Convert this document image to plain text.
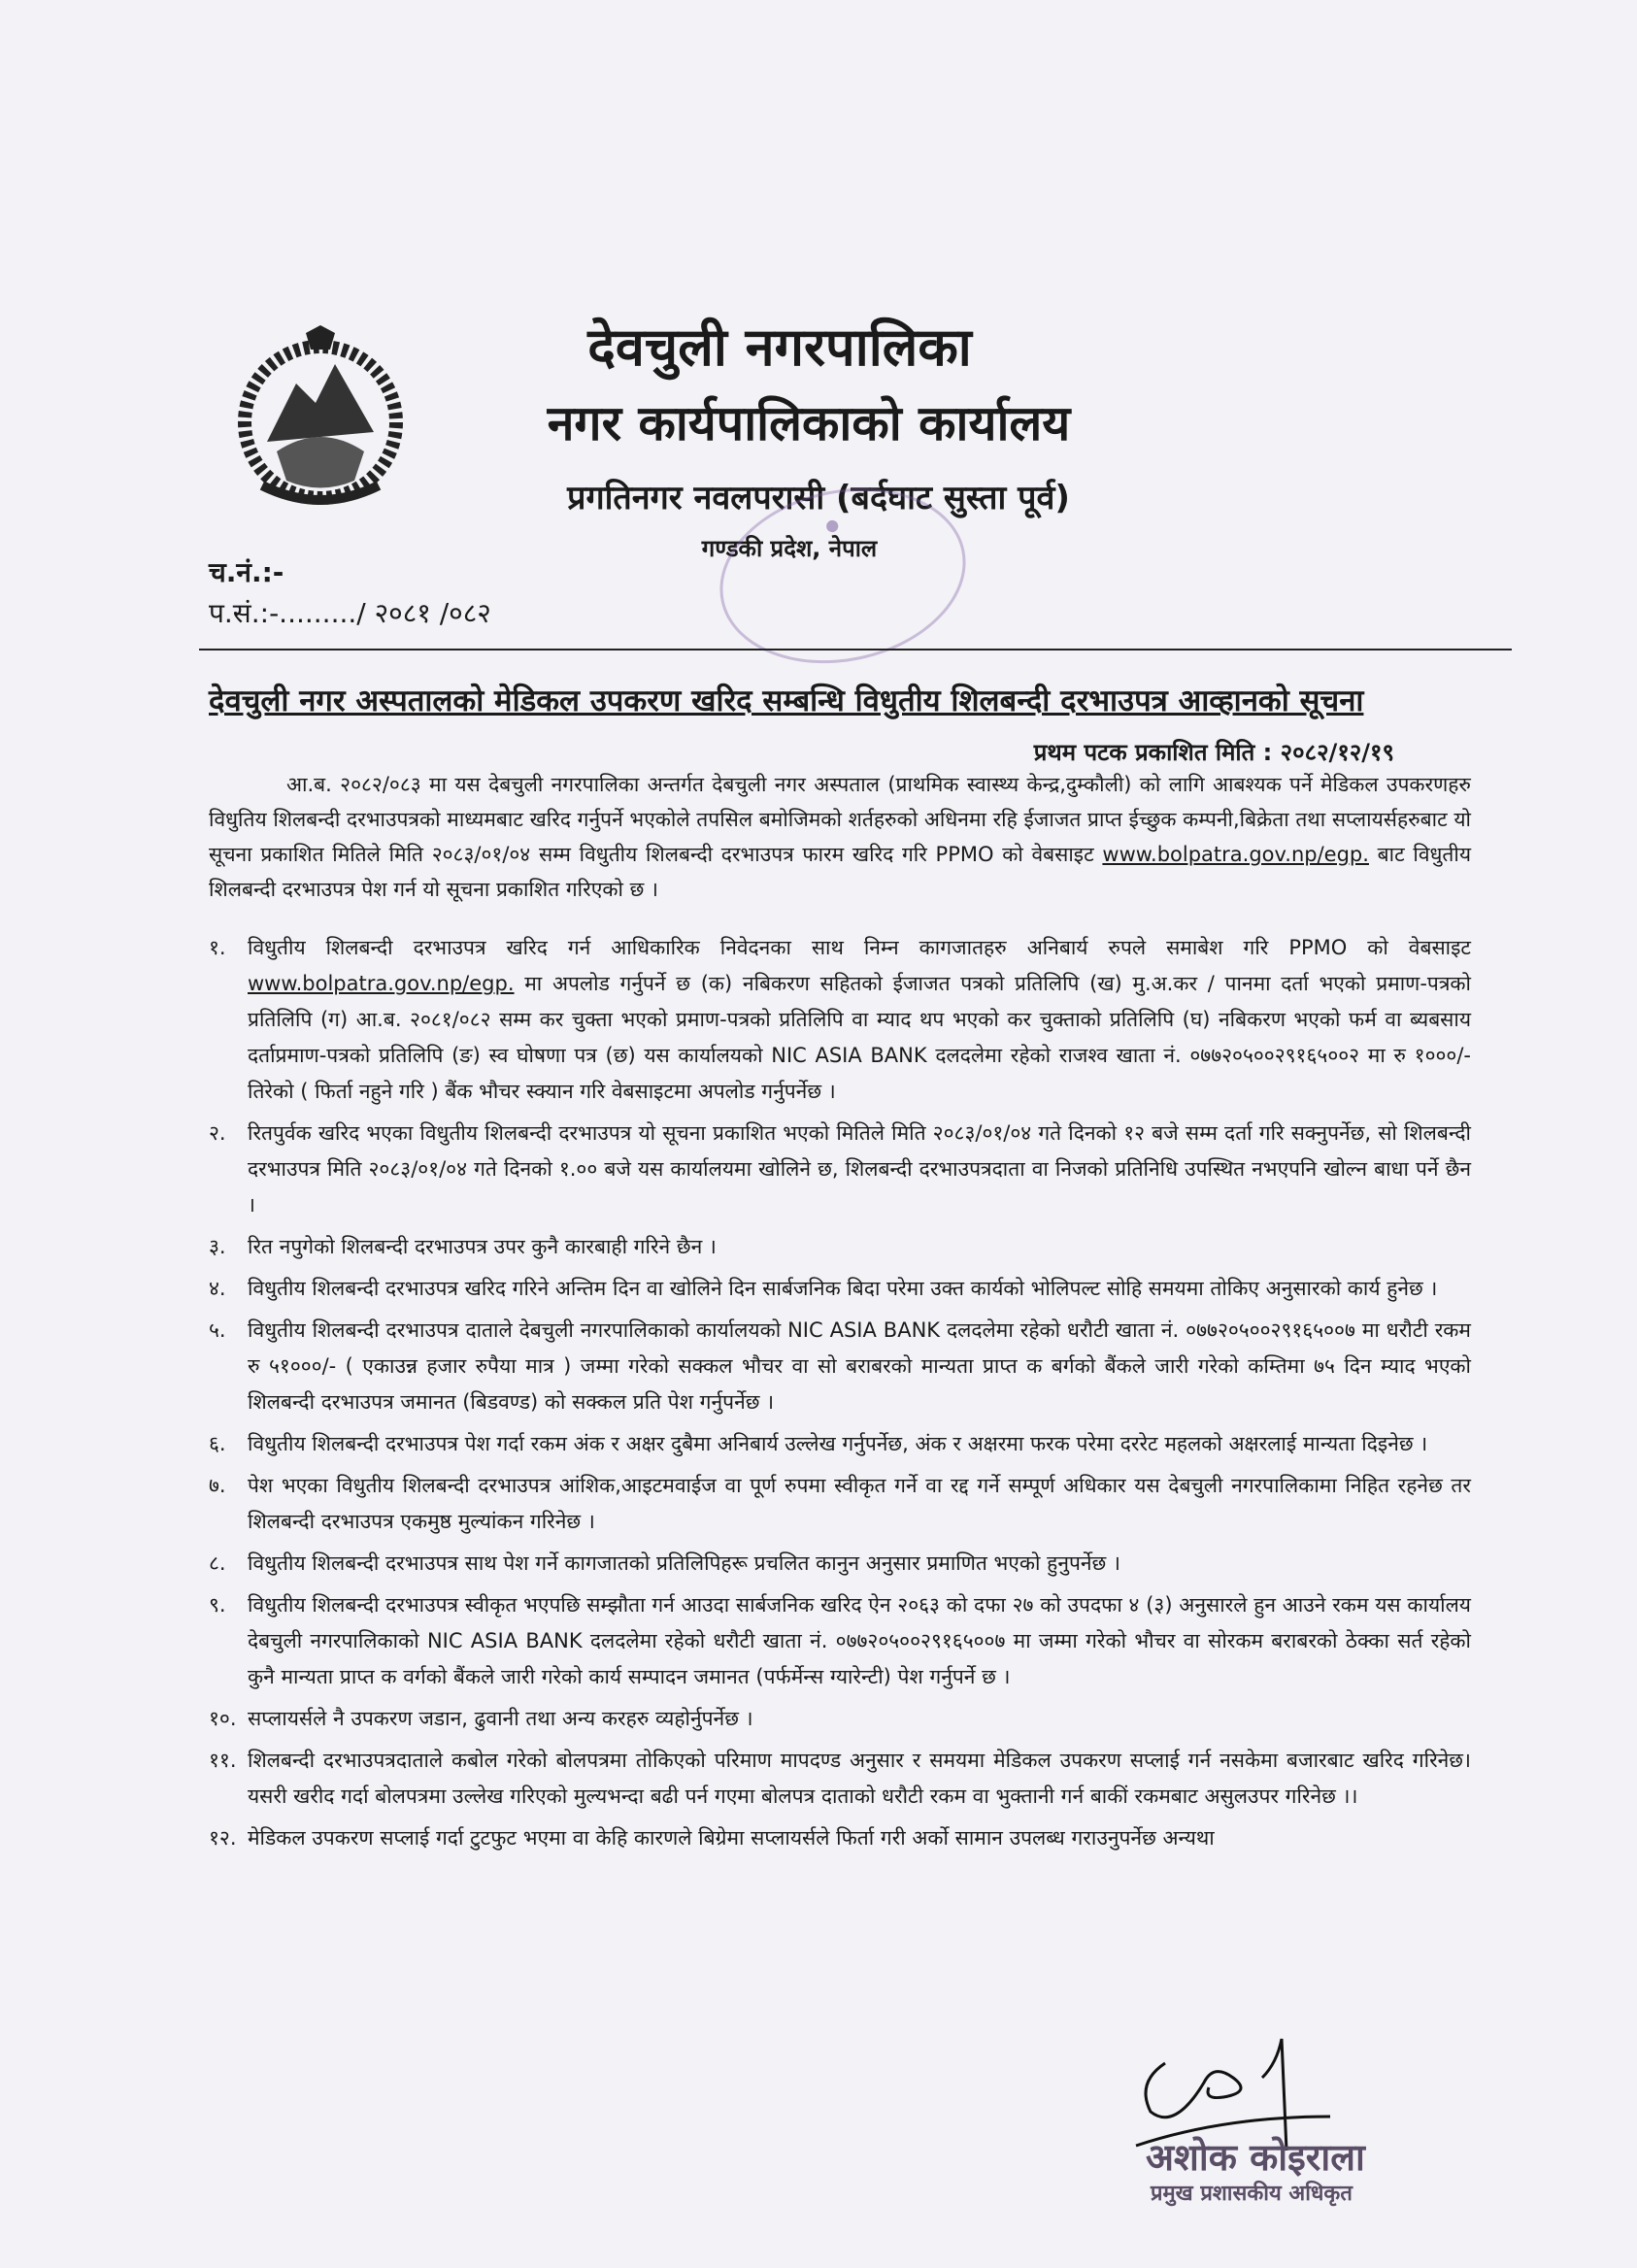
देवचुली नगरपालिका
नगर कार्यपालिकाको कार्यालय
प्रगतिनगर नवलपरासी (बर्दघाट सुस्ता पूर्व)
गण्डकी प्रदेश, नेपाल
●
च.नं.:-
प.सं.:-........./ २०८१ /०८२
देवचुली नगर अस्पतालको मेडिकल उपकरण खरिद सम्बन्धि विधुतीय शिलबन्दी दरभाउपत्र आव्हानको सूचना
प्रथम पटक प्रकाशित मिति : २०८२/१२/१९

आ.ब. २०८२/०८३ मा यस देबचुली नगरपालिका अन्तर्गत देबचुली नगर अस्पताल (प्राथमिक स्वास्थ्य केन्द्र,दुम्कौली) को लागि आबश्यक पर्ने मेडिकल उपकरणहरु विधुतिय शिलबन्दी दरभाउपत्रको माध्यमबाट खरिद गर्नुपर्ने भएकोले तपसिल बमोजिमको शर्तहरुको अधिनमा रहि ईजाजत प्राप्त ईच्छुक कम्पनी,बिक्रेता तथा सप्लायर्सहरुबाट यो सूचना प्रकाशित मितिले मिति २०८३/०१/०४ सम्म विधुतीय शिलबन्दी दरभाउपत्र फारम खरिद गरि PPMO को वेबसाइट www.bolpatra.gov.np/egp. बाट विधुतीय शिलबन्दी दरभाउपत्र पेश गर्न यो सूचना प्रकाशित गरिएको छ ।

१. विधुतीय शिलबन्दी दरभाउपत्र खरिद गर्न आधिकारिक निवेदनका साथ निम्न कागजातहरु अनिबार्य रुपले समाबेश गरि PPMO को वेबसाइट www.bolpatra.gov.np/egp. मा अपलोड गर्नुपर्ने छ (क) नबिकरण सहितको ईजाजत पत्रको प्रतिलिपि (ख) मु.अ.कर / पानमा दर्ता भएको प्रमाण-पत्रको प्रतिलिपि (ग) आ.ब. २०८१/०८२ सम्म कर चुक्ता भएको प्रमाण-पत्रको प्रतिलिपि वा म्याद थप भएको कर चुक्ताको प्रतिलिपि (घ) नबिकरण भएको फर्म वा ब्यबसाय दर्ताप्रमाण-पत्रको प्रतिलिपि (ङ) स्व घोषणा पत्र (छ) यस कार्यालयको NIC ASIA BANK दलदलेमा रहेको राजश्व खाता नं. ०७७२०५००२९१६५००२ मा रु १०००/- तिरेको ( फिर्ता नहुने गरि ) बैंक भौचर स्क्यान गरि वेबसाइटमा अपलोड गर्नुपर्नेछ ।
२. रितपुर्वक खरिद भएका विधुतीय शिलबन्दी दरभाउपत्र यो सूचना प्रकाशित भएको मितिले मिति २०८३/०१/०४ गते दिनको १२ बजे सम्म दर्ता गरि सक्नुपर्नेछ, सो शिलबन्दी दरभाउपत्र मिति २०८३/०१/०४ गते दिनको १.०० बजे यस कार्यालयमा खोलिने छ, शिलबन्दी दरभाउपत्रदाता वा निजको प्रतिनिधि उपस्थित नभएपनि खोल्न बाधा पर्ने छैन ।
३. रित नपुगेको शिलबन्दी दरभाउपत्र उपर कुनै कारबाही गरिने छैन ।
४. विधुतीय शिलबन्दी दरभाउपत्र खरिद गरिने अन्तिम दिन वा खोलिने दिन सार्बजनिक बिदा परेमा उक्त कार्यको भोलिपल्ट सोहि समयमा तोकिए अनुसारको कार्य हुनेछ ।
५. विधुतीय शिलबन्दी दरभाउपत्र दाताले देबचुली नगरपालिकाको कार्यालयको NIC ASIA BANK दलदलेमा रहेको धरौटी खाता नं. ०७७२०५००२९१६५००७ मा धरौटी रकम रु ५१०००/- ( एकाउन्न हजार रुपैया मात्र ) जम्मा गरेको सक्कल भौचर वा सो बराबरको मान्यता प्राप्त क बर्गको बैंकले जारी गरेको कम्तिमा ७५ दिन म्याद भएको शिलबन्दी दरभाउपत्र जमानत (बिडवण्ड) को सक्कल प्रति पेश गर्नुपर्नेछ ।
६. विधुतीय शिलबन्दी दरभाउपत्र पेश गर्दा रकम अंक र अक्षर दुबैमा अनिबार्य उल्लेख गर्नुपर्नेछ, अंक र अक्षरमा फरक परेमा दररेट महलको अक्षरलाई मान्यता दिइनेछ ।
७. पेश भएका विधुतीय शिलबन्दी दरभाउपत्र आंशिक,आइटमवाईज वा पूर्ण रुपमा स्वीकृत गर्ने वा रद्द गर्ने सम्पूर्ण अधिकार यस देबचुली नगरपालिकामा निहित रहनेछ तर शिलबन्दी दरभाउपत्र एकमुष्ठ मुल्यांकन गरिनेछ ।
८. विधुतीय शिलबन्दी दरभाउपत्र साथ पेश गर्ने कागजातको प्रतिलिपिहरू प्रचलित कानुन अनुसार प्रमाणित भएको हुनुपर्नेछ ।
९. विधुतीय शिलबन्दी दरभाउपत्र स्वीकृत भएपछि सम्झौता गर्न आउदा सार्बजनिक खरिद ऐन २०६३ को दफा २७ को उपदफा ४ (३) अनुसारले हुन आउने रकम यस कार्यालय देबचुली नगरपालिकाको NIC ASIA BANK दलदलेमा रहेको धरौटी खाता नं. ०७७२०५००२९१६५००७ मा जम्मा गरेको भौचर वा सोरकम बराबरको ठेक्का सर्त रहेको कुनै मान्यता प्राप्त क वर्गको बैंकले जारी गरेको कार्य सम्पादन जमानत (पर्फर्मेन्स ग्यारेन्टी) पेश गर्नुपर्ने छ ।
१०. सप्लायर्सले नै उपकरण जडान, ढुवानी तथा अन्य करहरु व्यहोर्नुपर्नेछ ।
११. शिलबन्दी दरभाउपत्रदाताले कबोल गरेको बोलपत्रमा तोकिएको परिमाण मापदण्ड अनुसार र समयमा मेडिकल उपकरण सप्लाई गर्न नसकेमा बजारबाट खरिद गरिनेछ। यसरी खरीद गर्दा बोलपत्रमा उल्लेख गरिएको मुल्यभन्दा बढी पर्न गएमा बोलपत्र दाताको धरौटी रकम वा भुक्तानी गर्न बाकीं रकमबाट असुलउपर गरिनेछ ।।
१२. मेडिकल उपकरण सप्लाई गर्दा टुटफुट भएमा वा केहि कारणले बिग्रेमा सप्लायर्सले फिर्ता गरी अर्को सामान उपलब्ध गराउनुपर्नेछ अन्यथा
अशोक कोइराला
प्रमुख प्रशासकीय अधिकृत
